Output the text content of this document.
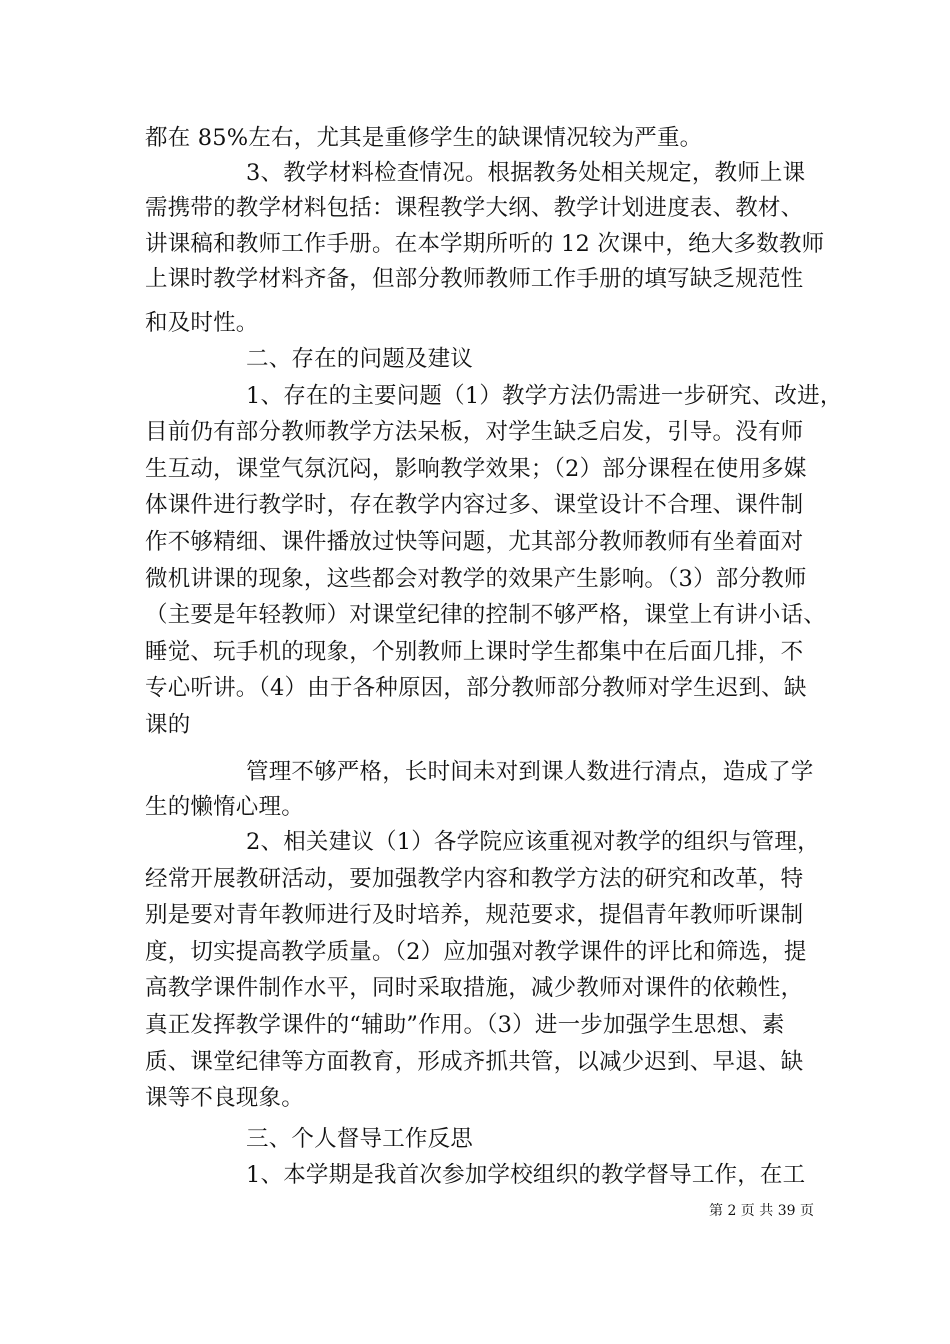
都在 85%左右，尤其是重修学生的缺课情况较为严重。
3、教学材料检查情况。根据教务处相关规定，教师上课
需携带的教学材料包括：课程教学大纲、教学计划进度表、教材、
讲课稿和教师工作手册。在本学期所听的 12 次课中，绝大多数教师
上课时教学材料齐备，但部分教师教师工作手册的填写缺乏规范性
和及时性。
二、存在的问题及建议
1、存在的主要问题（1）教学方法仍需进一步研究、改进，
目前仍有部分教师教学方法呆板，对学生缺乏启发，引导。没有师
生互动，课堂气氛沉闷，影响教学效果；（2）部分课程在使用多媒
体课件进行教学时，存在教学内容过多、课堂设计不合理、课件制
作不够精细、课件播放过快等问题，尤其部分教师教师有坐着面对
微机讲课的现象，这些都会对教学的效果产生影响。（3）部分教师
（主要是年轻教师）对课堂纪律的控制不够严格，课堂上有讲小话、
睡觉、玩手机的现象，个别教师上课时学生都集中在后面几排，不
专心听讲。（4）由于各种原因，部分教师部分教师对学生迟到、缺
课的
管理不够严格，长时间未对到课人数进行清点，造成了学
生的懒惰心理。
2、相关建议（1）各学院应该重视对教学的组织与管理，
经常开展教研活动，要加强教学内容和教学方法的研究和改革，特
别是要对青年教师进行及时培养，规范要求，提倡青年教师听课制
度，切实提高教学质量。（2）应加强对教学课件的评比和筛选，提
高教学课件制作水平，同时采取措施，减少教师对课件的依赖性，
真正发挥教学课件的“辅助”作用。（3）进一步加强学生思想、素
质、课堂纪律等方面教育，形成齐抓共管，以减少迟到、早退、缺
课等不良现象。
三、个人督导工作反思
1、本学期是我首次参加学校组织的教学督导工作，在工
第 2 页 共 39 页
